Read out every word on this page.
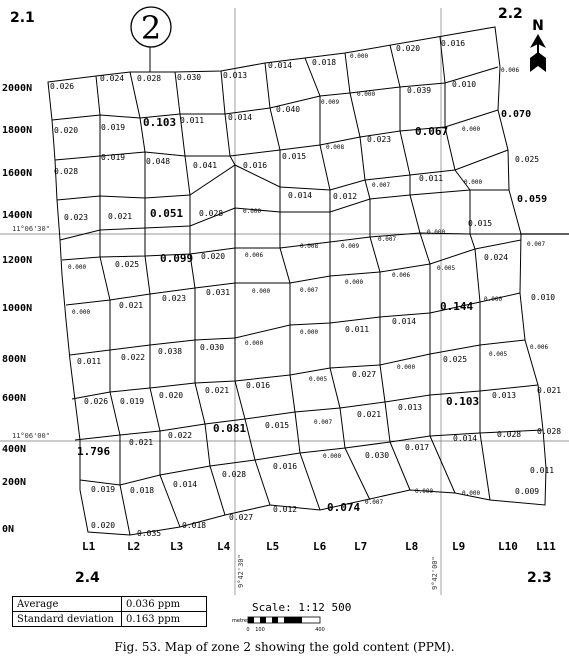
2	N
2.1	2.2
2.4	2.3
2000N
1800N
1600N
1400N
1200N
1000N
800N
600N
400N
200N
0N
L1	L2	L3	L4	L5	L6	L7	L8	L9	L10 L11
11°06'30"
11°06'00"
9°42'30"	9°42'00"
0.026
0.024 0.028 0.030	0.013
0.014 0.018
0.000
0.020
0.016
0.006
0.000	0.039
0.010
0.009
0.040
0.014
0.011
0.103
0.019
0.020
0.023
0.067 0.000
0.070
0.008
0.015
0.016
0.041
0.048
0.019
0.028
0.025
0.007
0.011	0.000
0.012
0.014	0.059
0.015
0.000
0.028
0.051
0.021
0.023
0.000
0.007
0.009
0.008	0.007
0.024
0.005
0.006
0.000
0.007
0.000
0.006
0.020
0.099
0.025
0.000
0.010
0.000
0.144
0.014
0.011
0.000
0.031
0.023
0.021
0.000
0.000
0.030
0.038
0.022
0.011
0.006
0.005
0.025
0.000
0.027
0.005
0.016
0.021
0.020
0.019
0.026
0.021
0.013
0.103
0.013
0.021
0.007
0.015
0.081
0.022
0.021
1.796
0.028
0.028
0.014
0.017
0.030
0.000
0.016
0.028
0.014
0.018
0.019
0.011
0.000	0.009
0.000
0.007
0.074
0.012
0.027
0.018
0.035
0.020
metres
0 100	400
Scale: 1:12 500
Average	0.036 ppm
Standard deviation	0.163 ppm
Fig. 53. Map of zone 2 showing the gold content (PPM).
